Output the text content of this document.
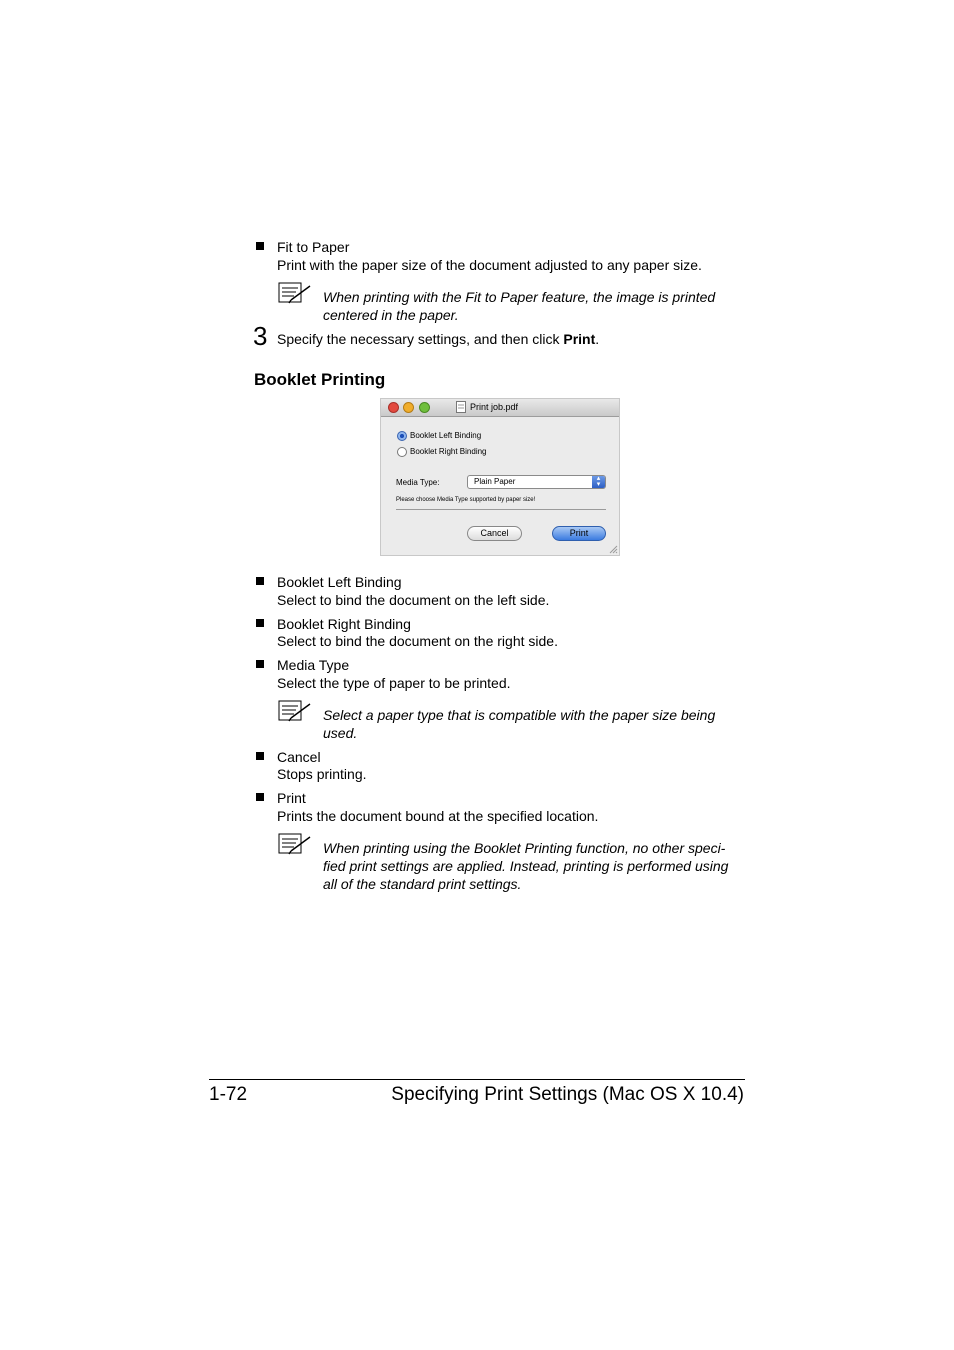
Fit to Paper
Print with the paper size of the document adjusted to any paper size.
When printing with the Fit to Paper feature, the image is printed
centered in the paper.
3 Specify the necessary settings, and then click Print.
Booklet Printing
Print job.pdf
Booklet Left Binding
Booklet Right Binding
Media Type:	Plain Paper	▴
▾
Please choose Media Type supported by paper size!
Cancel	Print
Booklet Left Binding
Select to bind the document on the left side.
Booklet Right Binding
Select to bind the document on the right side.
Media Type
Select the type of paper to be printed.
Select a paper type that is compatible with the paper size being
used.
Cancel
Stops printing.
Print
Prints the document bound at the specified location.
When printing using the Booklet Printing function, no other speci-
fied print settings are applied. Instead, printing is performed using
all of the standard print settings.
1-72	Specifying Print Settings (Mac OS X 10.4)
